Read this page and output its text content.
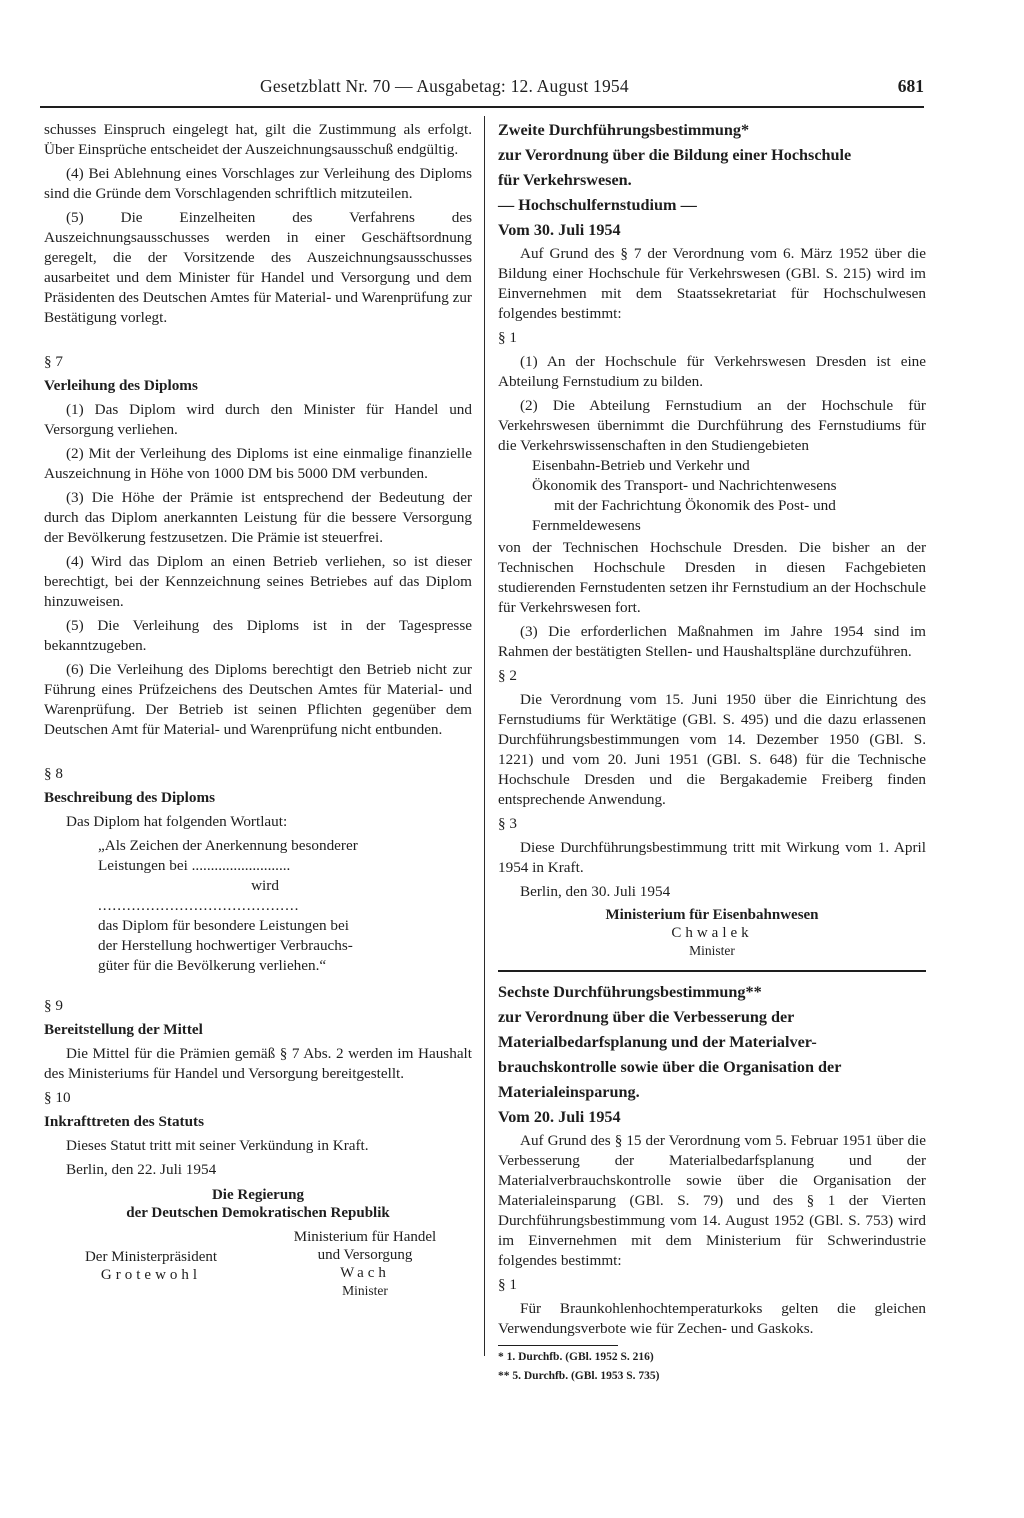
Gesetzblatt Nr. 70 — Ausgabetag: 12. August 1954	681

schusses Einspruch eingelegt hat, gilt die Zustimmung als erfolgt. Über Einsprüche entscheidet der Auszeichnungsausschuß endgültig.

(4) Bei Ablehnung eines Vorschlages zur Verleihung des Diploms sind die Gründe dem Vorschlagenden schriftlich mitzuteilen.

(5) Die Einzelheiten des Verfahrens des Auszeichnungsausschusses werden in einer Geschäftsordnung geregelt, die der Vorsitzende des Auszeichnungsausschusses ausarbeitet und dem Minister für Handel und Versorgung und dem Präsidenten des Deutschen Amtes für Material- und Warenprüfung zur Bestätigung vorlegt.

§ 7

Verleihung des Diploms

(1) Das Diplom wird durch den Minister für Handel und Versorgung verliehen.

(2) Mit der Verleihung des Diploms ist eine einmalige finanzielle Auszeichnung in Höhe von 1000 DM bis 5000 DM verbunden.

(3) Die Höhe der Prämie ist entsprechend der Bedeutung der durch das Diplom anerkannten Leistung für die bessere Versorgung der Bevölkerung festzusetzen. Die Prämie ist steuerfrei.

(4) Wird das Diplom an einen Betrieb verliehen, so ist dieser berechtigt, bei der Kennzeichnung seines Betriebes auf das Diplom hinzuweisen.

(5) Die Verleihung des Diploms ist in der Tagespresse bekanntzugeben.

(6) Die Verleihung des Diploms berechtigt den Betrieb nicht zur Führung eines Prüfzeichens des Deutschen Amtes für Material- und Warenprüfung. Der Betrieb ist seinen Pflichten gegenüber dem Deutschen Amt für Material- und Warenprüfung nicht entbunden.

§ 8

Beschreibung des Diploms

Das Diplom hat folgenden Wortlaut:

„Als Zeichen der Anerkennung besonderer
Leistungen bei ..........................
wird
..........................................
das Diplom für besondere Leistungen bei
der Herstellung hochwertiger Verbrauchs-
güter für die Bevölkerung verliehen.“

§ 9

Bereitstellung der Mittel

Die Mittel für die Prämien gemäß § 7 Abs. 2 werden im Haushalt des Ministeriums für Handel und Versorgung bereitgestellt.

§ 10

Inkrafttreten des Statuts

Dieses Statut tritt mit seiner Verkündung in Kraft.

Berlin, den 22. Juli 1954

Die Regierung
der Deutschen Demokratischen Republik
Der Ministerpräsident
Grotewohl
Ministerium für Handel
und Versorgung
Wach
Minister

Zweite Durchführungsbestimmung*

zur Verordnung über die Bildung einer Hochschule

für Verkehrswesen.

— Hochschulfernstudium —

Vom 30. Juli 1954

Auf Grund des § 7 der Verordnung vom 6. März 1952 über die Bildung einer Hochschule für Verkehrswesen (GBl. S. 215) wird im Einvernehmen mit dem Staatssekretariat für Hochschulwesen folgendes bestimmt:

§ 1

(1) An der Hochschule für Verkehrswesen Dresden ist eine Abteilung Fernstudium zu bilden.

(2) Die Abteilung Fernstudium an der Hochschule für Verkehrswesen übernimmt die Durchführung des Fernstudiums für die Verkehrswissenschaften in den Studiengebieten

Eisenbahn-Betrieb und Verkehr und
Ökonomik des Transport- und Nachrichtenwesens
mit der Fachrichtung Ökonomik des Post- und
Fernmeldewesens

von der Technischen Hochschule Dresden. Die bisher an der Technischen Hochschule Dresden in diesen Fachgebieten studierenden Fernstudenten setzen ihr Fernstudium an der Hochschule für Verkehrswesen fort.

(3) Die erforderlichen Maßnahmen im Jahre 1954 sind im Rahmen der bestätigten Stellen- und Haushaltspläne durchzuführen.

§ 2

Die Verordnung vom 15. Juni 1950 über die Einrichtung des Fernstudiums für Werktätige (GBl. S. 495) und die dazu erlassenen Durchführungsbestimmungen vom 14. Dezember 1950 (GBl. S. 1221) und vom 20. Juni 1951 (GBl. S. 648) für die Technische Hochschule Dresden und die Bergakademie Freiberg finden entsprechende Anwendung.

§ 3

Diese Durchführungsbestimmung tritt mit Wirkung vom 1. April 1954 in Kraft.

Berlin, den 30. Juli 1954

Ministerium für Eisenbahnwesen
Chwalek
Minister

Sechste Durchführungsbestimmung**

zur Verordnung über die Verbesserung der

Materialbedarfsplanung und der Materialver-

brauchskontrolle sowie über die Organisation der

Materialeinsparung.

Vom 20. Juli 1954

Auf Grund des § 15 der Verordnung vom 5. Februar 1951 über die Verbesserung der Materialbedarfsplanung und der Materialverbrauchskontrolle sowie über die Organisation der Materialeinsparung (GBl. S. 79) und des § 1 der Vierten Durchführungsbestimmung vom 14. August 1952 (GBl. S. 753) wird im Einvernehmen mit dem Ministerium für Schwerindustrie folgendes bestimmt:

§ 1

Für Braunkohlenhochtemperaturkoks gelten die gleichen Verwendungsverbote wie für Zechen- und Gaskoks.

* 1. Durchfb. (GBl. 1952 S. 216)

** 5. Durchfb. (GBl. 1953 S. 735)
